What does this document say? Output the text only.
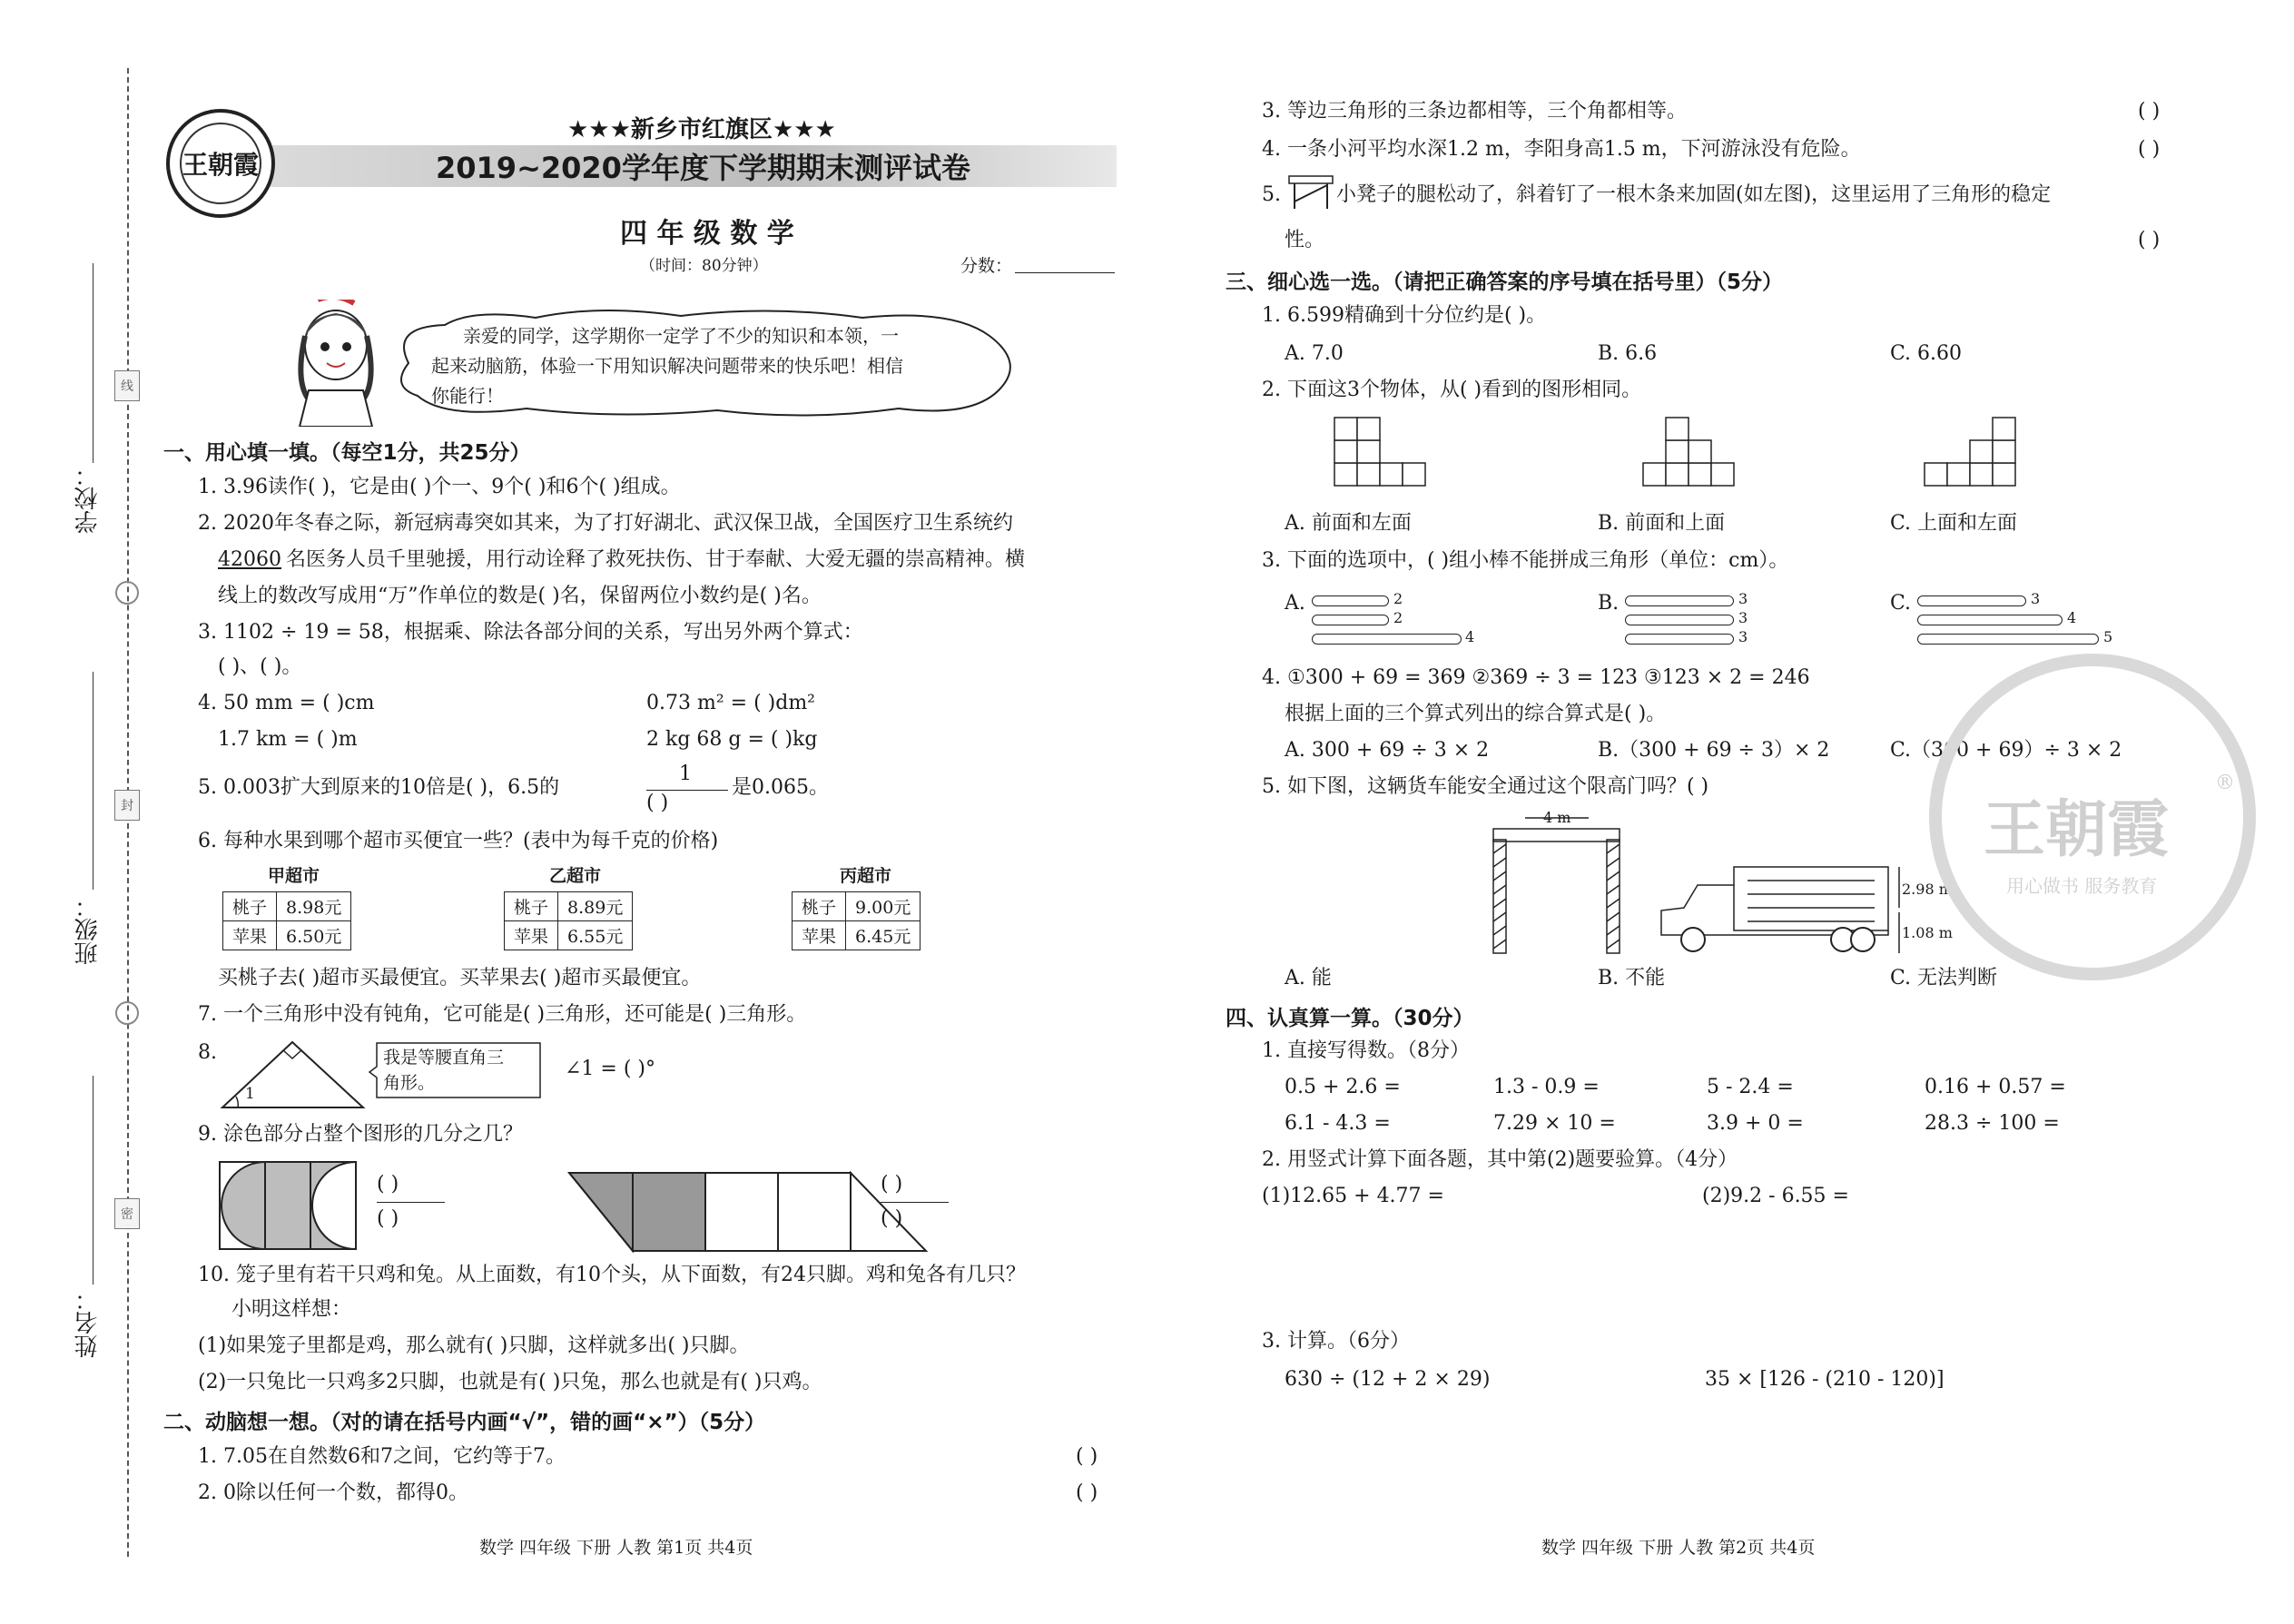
线
封
密
学校：
班级：
姓名：
王朝霞
★★★新乡市红旗区★★★
2019~2020学年度下学期期末测评试卷
四 年 级 数 学
（时间：80分钟）	分数：
亲爱的同学，这学期你一定学了不少的知识和本领，一
起来动脑筋，体验一下用知识解决问题带来的快乐吧！相信
你能行！
一、用心填一填。（每空1分，共25分）
1. 3.96读作( )，它是由( )个一、9个( )和6个( )组成。
2. 2020年冬春之际，新冠病毒突如其来，为了打好湖北、武汉保卫战，全国医疗卫生系统约
42060 名医务人员千里驰援，用行动诠释了救死扶伤、甘于奉献、大爱无疆的崇高精神。横
线上的数改写成用“万”作单位的数是( )名，保留两位小数约是( )名。
3. 1102 ÷ 19 = 58，根据乘、除法各部分间的关系，写出另外两个算式：
( )、( )。
4. 50 mm = ( )cm	0.73 m² = ( )dm²
1.7 km = ( )m	2 kg 68 g = ( )kg
5. 0.003扩大到原来的10倍是( )，6.5的
1
( )
是0.065。
6. 每种水果到哪个超市买便宜一些？(表中为每千克的价格)
甲超市
桃子	8.98元
苹果	6.50元
乙超市
桃子	8.89元
苹果	6.55元
丙超市
桃子	9.00元
苹果	6.45元
买桃子去( )超市买最便宜。买苹果去( )超市买最便宜。
7. 一个三角形中没有钝角，它可能是( )三角形，还可能是( )三角形。
8.
1
我是等腰直角三
角形。
∠1 = ( )°
9. 涂色部分占整个图形的几分之几？
( )
( )
( )
( )
10. 笼子里有若干只鸡和兔。从上面数，有10个头，从下面数，有24只脚。鸡和兔各有几只？
小明这样想：
(1)如果笼子里都是鸡，那么就有( )只脚，这样就多出( )只脚。
(2)一只兔比一只鸡多2只脚，也就是有( )只兔，那么也就是有( )只鸡。
二、动脑想一想。（对的请在括号内画“√”，错的画“×”）（5分）
1. 7.05在自然数6和7之间，它约等于7。	( )
2. 0除以任何一个数，都得0。	( )
数学 四年级 下册 人教 第1页 共4页
3. 等边三角形的三条边都相等，三个角都相等。	( )
4. 一条小河平均水深1.2 m，李阳身高1.5 m，下河游泳没有危险。	( )
5.	小凳子的腿松动了，斜着钉了一根木条来加固(如左图)，这里运用了三角形的稳定
性。	( )
三、细心选一选。（请把正确答案的序号填在括号里）（5分）
1. 6.599精确到十分位约是( )。
A. 7.0	B. 6.6	C. 6.60
2. 下面这3个物体，从( )看到的图形相同。
A. 前面和左面	B. 前面和上面	C. 上面和左面
3. 下面的选项中，( )组小棒不能拼成三角形（单位：cm）。
A.	2
2
4
B.	3
3
3
C.	3
4
5
4. ①300 + 69 = 369 ②369 ÷ 3 = 123 ③123 × 2 = 246
根据上面的三个算式列出的综合算式是( )。
A. 300 + 69 ÷ 3 × 2	B.（300 + 69 ÷ 3）× 2	C.（300 + 69）÷ 3 × 2
5. 如下图，这辆货车能安全通过这个限高门吗？( )
4 m
2.98 m
1.08 m
A. 能	B. 不能	C. 无法判断
四、认真算一算。（30分）
1. 直接写得数。（8分）
0.5 + 2.6 =	1.3 - 0.9 =	5 - 2.4 =	0.16 + 0.57 =
6.1 - 4.3 =	7.29 × 10 =	3.9 + 0 =	28.3 ÷ 100 =
2. 用竖式计算下面各题，其中第(2)题要验算。（4分）
(1)12.65 + 4.77 =	(2)9.2 - 6.55 =
3. 计算。（6分）
630 ÷ (12 + 2 × 29)	35 × [126 - (210 - 120)]
数学 四年级 下册 人教 第2页 共4页
王朝霞
用心做书 服务教育
®
